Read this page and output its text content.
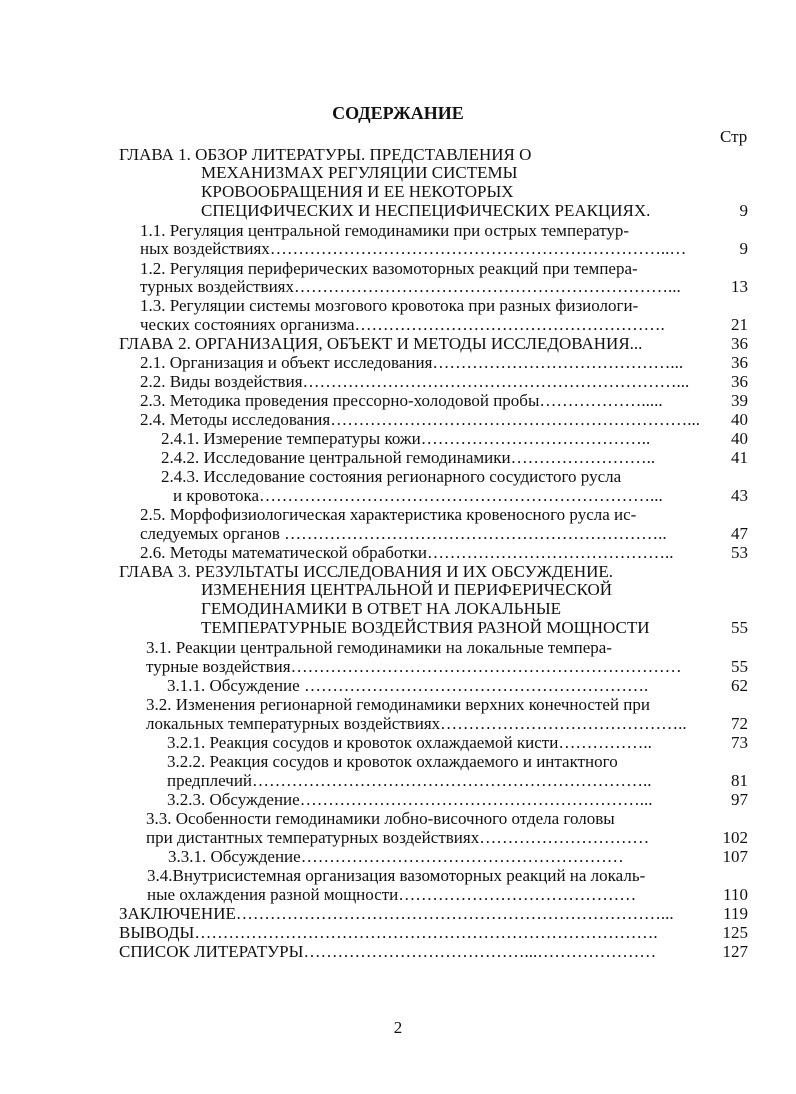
СОДЕРЖАНИЕ
Стр
ГЛАВА 1. ОБЗОР ЛИТЕРАТУРЫ. ПРЕДСТАВЛЕНИЯ О
МЕХАНИЗМАХ РЕГУЛЯЦИИ СИСТЕМЫ
КРОВООБРАЩЕНИЯ И ЕЕ НЕКОТОРЫХ
СПЕЦИФИЧЕСКИХ И НЕСПЕЦИФИЧЕСКИХ РЕАКЦИЯХ.	9
1.1. Регуляция центральной гемодинамики при острых температур-
ных воздействиях……………………………………………………………..…	9
1.2. Регуляция периферических вазомоторных реакций при темпера-
турных воздействиях…………………………………………………………...	13
1.3. Регуляции системы мозгового кровотока при разных физиологи-
ческих состояниях организма……………………………………………….	21
ГЛАВА 2. ОРГАНИЗАЦИЯ, ОБЪЕКТ И МЕТОДЫ ИССЛЕДОВАНИЯ...	36
2.1. Организация и объект исследования……………………………………...	36
2.2. Виды воздействия…………………………………………………………...	36
2.3. Методика проведения прессорно-холодовой пробы……………….....	39
2.4. Методы исследования………………………………………………………...	40
2.4.1. Измерение температуры кожи…………………………………..	40
2.4.2. Исследование центральной гемодинамики……………………..	41
2.4.3. Исследование состояния регионарного сосудистого русла
и кровотока……………………………………………………………...	43
2.5. Морфофизиологическая характеристика кровеносного русла ис-
следуемых органов …………………………………………………………..	47
2.6. Методы математической обработки……………………………………..	53
ГЛАВА 3. РЕЗУЛЬТАТЫ ИССЛЕДОВАНИЯ И ИХ ОБСУЖДЕНИЕ.
ИЗМЕНЕНИЯ ЦЕНТРАЛЬНОЙ И ПЕРИФЕРИЧЕСКОЙ
ГЕМОДИНАМИКИ В ОТВЕТ НА ЛОКАЛЬНЫЕ
ТЕМПЕРАТУРНЫЕ ВОЗДЕЙСТВИЯ РАЗНОЙ МОЩНОСТИ	55
3.1. Реакции центральной гемодинамики на локальные темпера-
турные воздействия……………………………………………………………	55
3.1.1. Обсуждение …………………………………………………….	62
3.2. Изменения регионарной гемодинамики верхних конечностей при
локальных температурных воздействиях……………………………………..	72
3.2.1. Реакция сосудов и кровоток охлаждаемой кисти……………..	73
3.2.2. Реакция сосудов и кровоток охлаждаемого и интактного
предплечий……………………………………………………………..	81
3.2.3. Обсуждение……………………………………………………...	97
3.3. Особенности гемодинамики лобно-височного отдела головы
при дистантных температурных воздействиях…………………………	102
3.3.1. Обсуждение…………………………………………………	107
3.4.Внутрисистемная организация вазомоторных реакций на локаль-
ные охлаждения разной мощности……………………………………	110
ЗАКЛЮЧЕНИЕ…………………………………………………………………...	119
ВЫВОДЫ……………………………………………………………………….	125
СПИСОК ЛИТЕРАТУРЫ…………………………………...…………………	127
2
